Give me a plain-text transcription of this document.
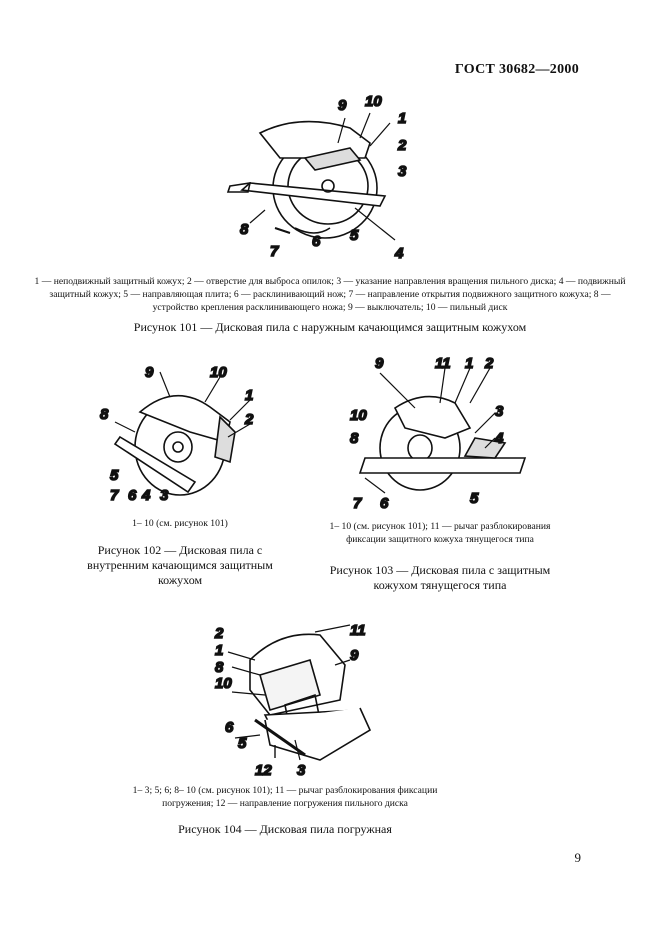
ГОСТ 30682—2000
9 10
1
2
3
4
5
6
7
8
1 — неподвижный защитный кожух; 2 — отверстие для выброса опилок; 3 — указание направления вращения пильного диска; 4 — подвижный защитный кожух; 5 — направляющая плита; 6 — расклинивающий нож; 7 — направление открытия подвижного защитного кожуха; 8 — устройство крепления расклинивающего ножа; 9 — выключатель; 10 — пильный диск
Рисунок 101 — Дисковая пила с наружным качающимся защитным кожухом
9	10
1
2
8
5
7 6 4 3
1– 10 (см. рисунок 101)
Рисунок 102 — Дисковая пила с внутренним качающимся защитным кожухом
9	11 1 2
3
4
5
6
7
8
10
1– 10 (см. рисунок 101); 11 — рычаг разблокирования фиксации защитного кожуха тянущегося типа
Рисунок 103 — Дисковая пила с защитным кожухом тянущегося типа
11
9
2
1
8
10
6
5
12 3
1– 3; 5; 6; 8– 10 (см. рисунок 101); 11 — рычаг разблокирования фиксации погружения; 12 — направление погружения пильного диска
Рисунок 104 — Дисковая пила погружная
9
